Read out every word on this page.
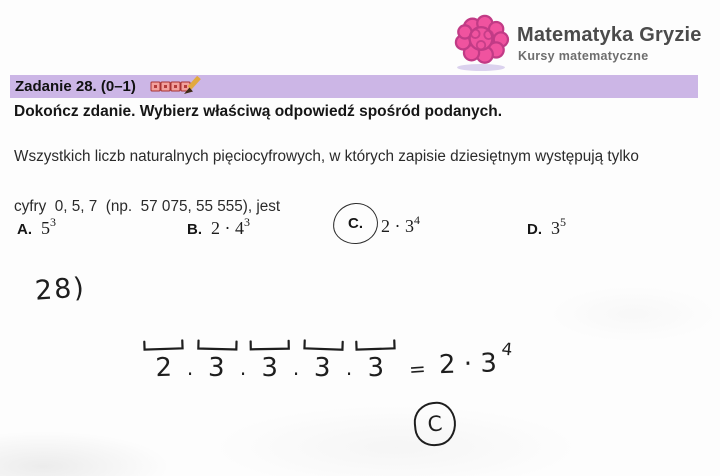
Matematyka Gryzie
Kursy matematyczne
Zadanie 28. (0–1)
Dokończ zdanie. Wybierz właściwą odpowiedź spośród podanych.
Wszystkich liczb naturalnych pięciocyfrowych, w których zapisie dziesiętnym występują tylko

cyfry  0, 5, 7  (np.  57 075, 55 555), jest
A. $5^3$	B. $2 \cdot 4^3$	C. $2 \cdot 3^4$
D. $3^5$
28)
2 · 3 · 3 · 3 · 3 = 2 · 3 4
C
